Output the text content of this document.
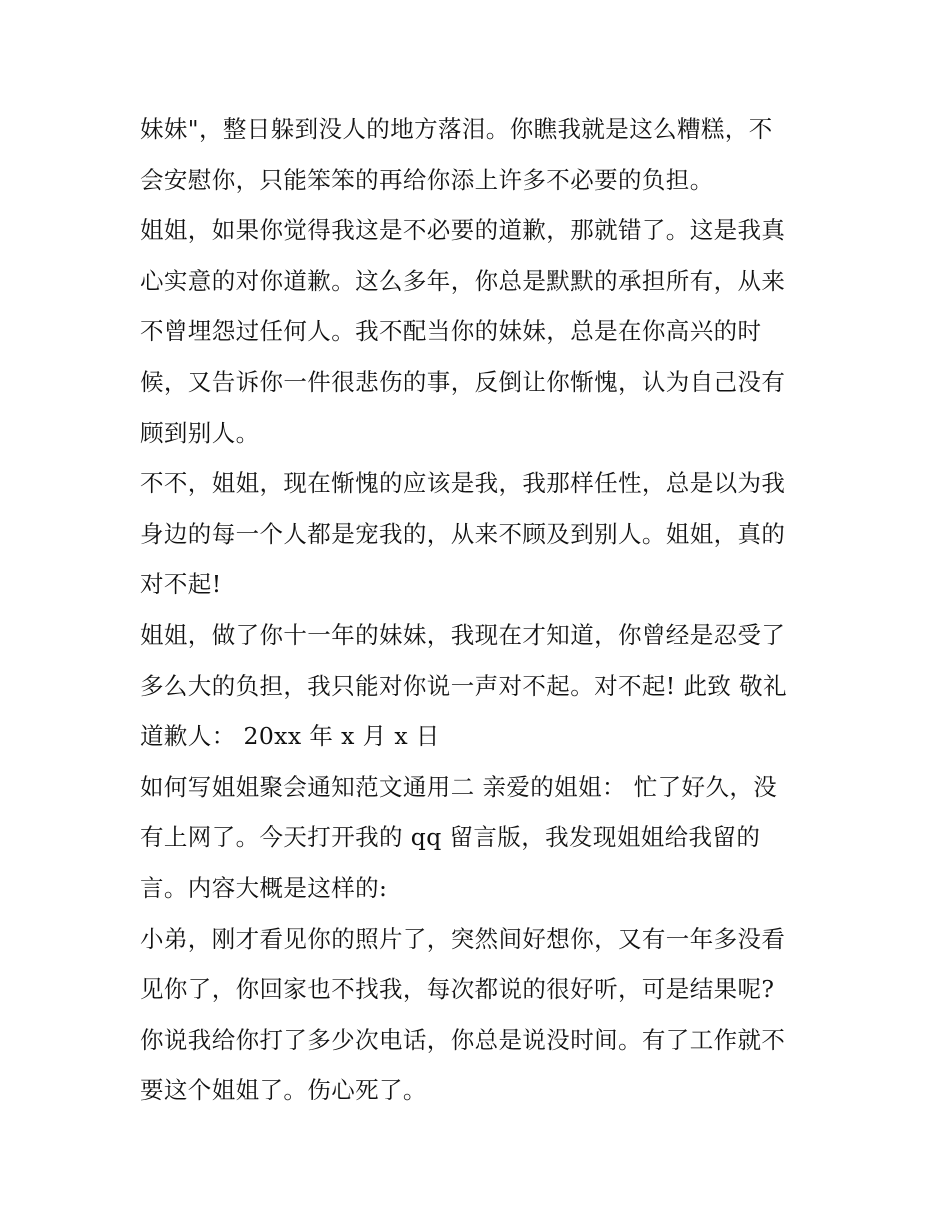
妹妹"，整日躲到没人的地方落泪。你瞧我就是这么糟糕，不
会安慰你，只能笨笨的再给你添上许多不必要的负担。
姐姐，如果你觉得我这是不必要的道歉，那就错了。这是我真
心实意的对你道歉。这么多年，你总是默默的承担所有，从来
不曾埋怨过任何人。我不配当你的妹妹，总是在你高兴的时
候，又告诉你一件很悲伤的事，反倒让你惭愧，认为自己没有
顾到别人。
不不，姐姐，现在惭愧的应该是我，我那样任性，总是以为我
身边的每一个人都是宠我的，从来不顾及到别人。姐姐，真的
对不起!
姐姐，做了你十一年的妹妹，我现在才知道，你曾经是忍受了
多么大的负担，我只能对你说一声对不起。对不起! 此致 敬礼
道歉人： 20xx 年 x 月 x 日
如何写姐姐聚会通知范文通用二 亲爱的姐姐： 忙了好久，没
有上网了。今天打开我的 qq 留言版，我发现姐姐给我留的
言。内容大概是这样的:
小弟，刚才看见你的照片了，突然间好想你，又有一年多没看
见你了，你回家也不找我，每次都说的很好听，可是结果呢?
你说我给你打了多少次电话，你总是说没时间。有了工作就不
要这个姐姐了。伤心死了。
